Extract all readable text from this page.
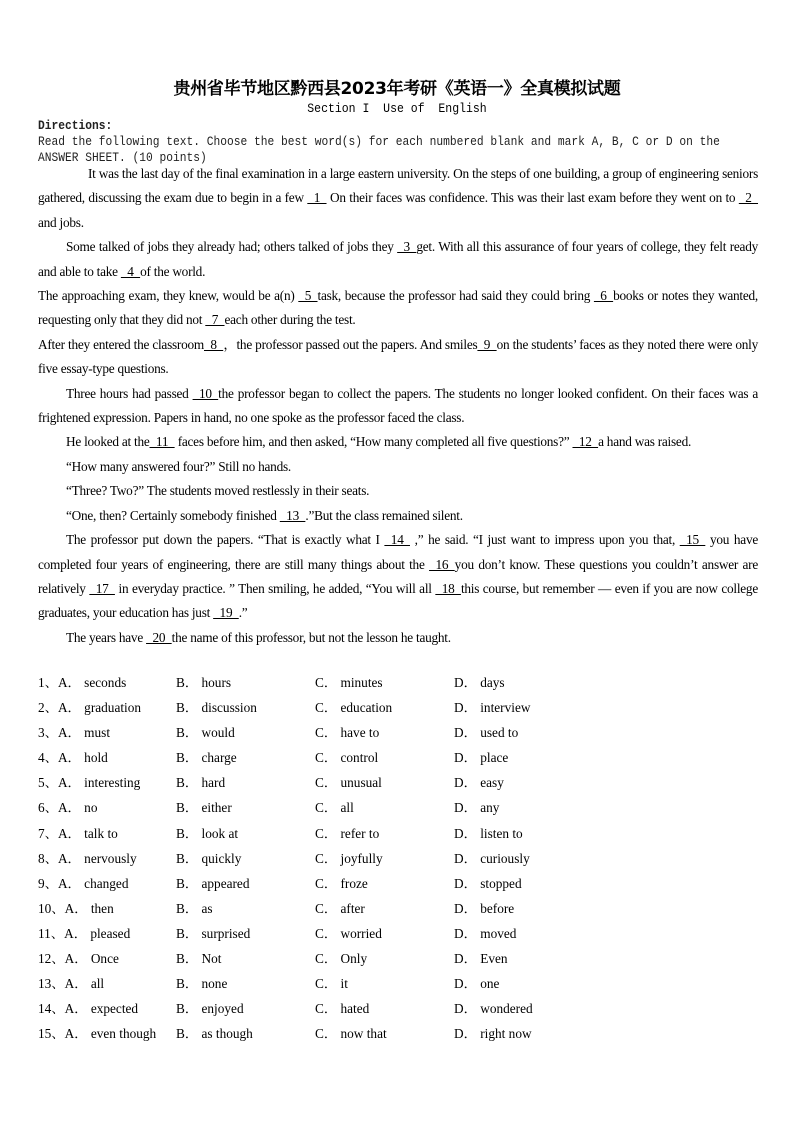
贵州省毕节地区黔西县2023年考研《英语一》全真模拟试题
Section I  Use of  English
Directions:
Read the following text. Choose the best word(s) for each numbered blank and mark A, B, C or D on the
ANSWER SHEET. (10 points)

It was the last day of the final examination in a large eastern university. On the steps of one building, a group of engineering seniors gathered, discussing the exam due to begin in a few  1  On their faces was confidence. This was their last exam before they went on to  2 and jobs.

Some talked of jobs they already had; others talked of jobs they  3 get. With all this assurance of four years of college, they felt ready and able to take  4 of the world.

The approaching exam, they knew, would be a(n)  5 task, because the professor had said they could bring  6 books or notes they wanted, requesting only that they did not  7 each other during the test.

After they entered the classroom 8 ，the professor passed out the papers. And smiles 9 on the students’ faces as they noted there were only five essay-type questions.

Three hours had passed  10 the professor began to collect the papers. The students no longer looked confident. On their faces was a frightened expression. Papers in hand, no one spoke as the professor faced the class.

He looked at the 11  faces before him, and then asked, “How many completed all five questions?”  12 a hand was raised.

“How many answered four?” Still no hands.

“Three? Two?” The students moved restlessly in their seats.

“One, then? Certainly somebody finished  13 .”But the class remained silent.

The professor put down the papers. “That is exactly what I  14  ,” he said. “I just want to impress upon you that,  15  you have completed four years of engineering, there are still many things about the  16 you don’t know. These questions you couldn’t answer are relatively  17  in everyday practice. ” Then smiling, he added, “You will all  18 this course, but remember — even if you are now college graduates, your education has just  19 .”

The years have  20 the name of this professor, but not the lesson he taught.

1、A． seconds	B． hours	C． minutes	D． days
2、A． graduation	B． discussion	C． education	D． interview
3、A． must	B． would	C． have to	D． used to
4、A． hold	B． charge	C． control	D． place
5、A． interesting	B． hard	C． unusual	D． easy
6、A． no	B． either	C． all	D． any
7、A． talk to	B． look at	C． refer to	D． listen to
8、A． nervously	B． quickly	C． joyfully	D． curiously
9、A． changed	B． appeared	C． froze	D． stopped
10、A． then	B． as	C． after	D． before
11、A． pleased	B． surprised	C． worried	D． moved
12、A． Once	B． Not	C． Only	D． Even
13、A． all	B． none	C． it	D． one
14、A． expected	B． enjoyed	C． hated	D． wondered
15、A． even though	B． as though	C． now that	D． right now
